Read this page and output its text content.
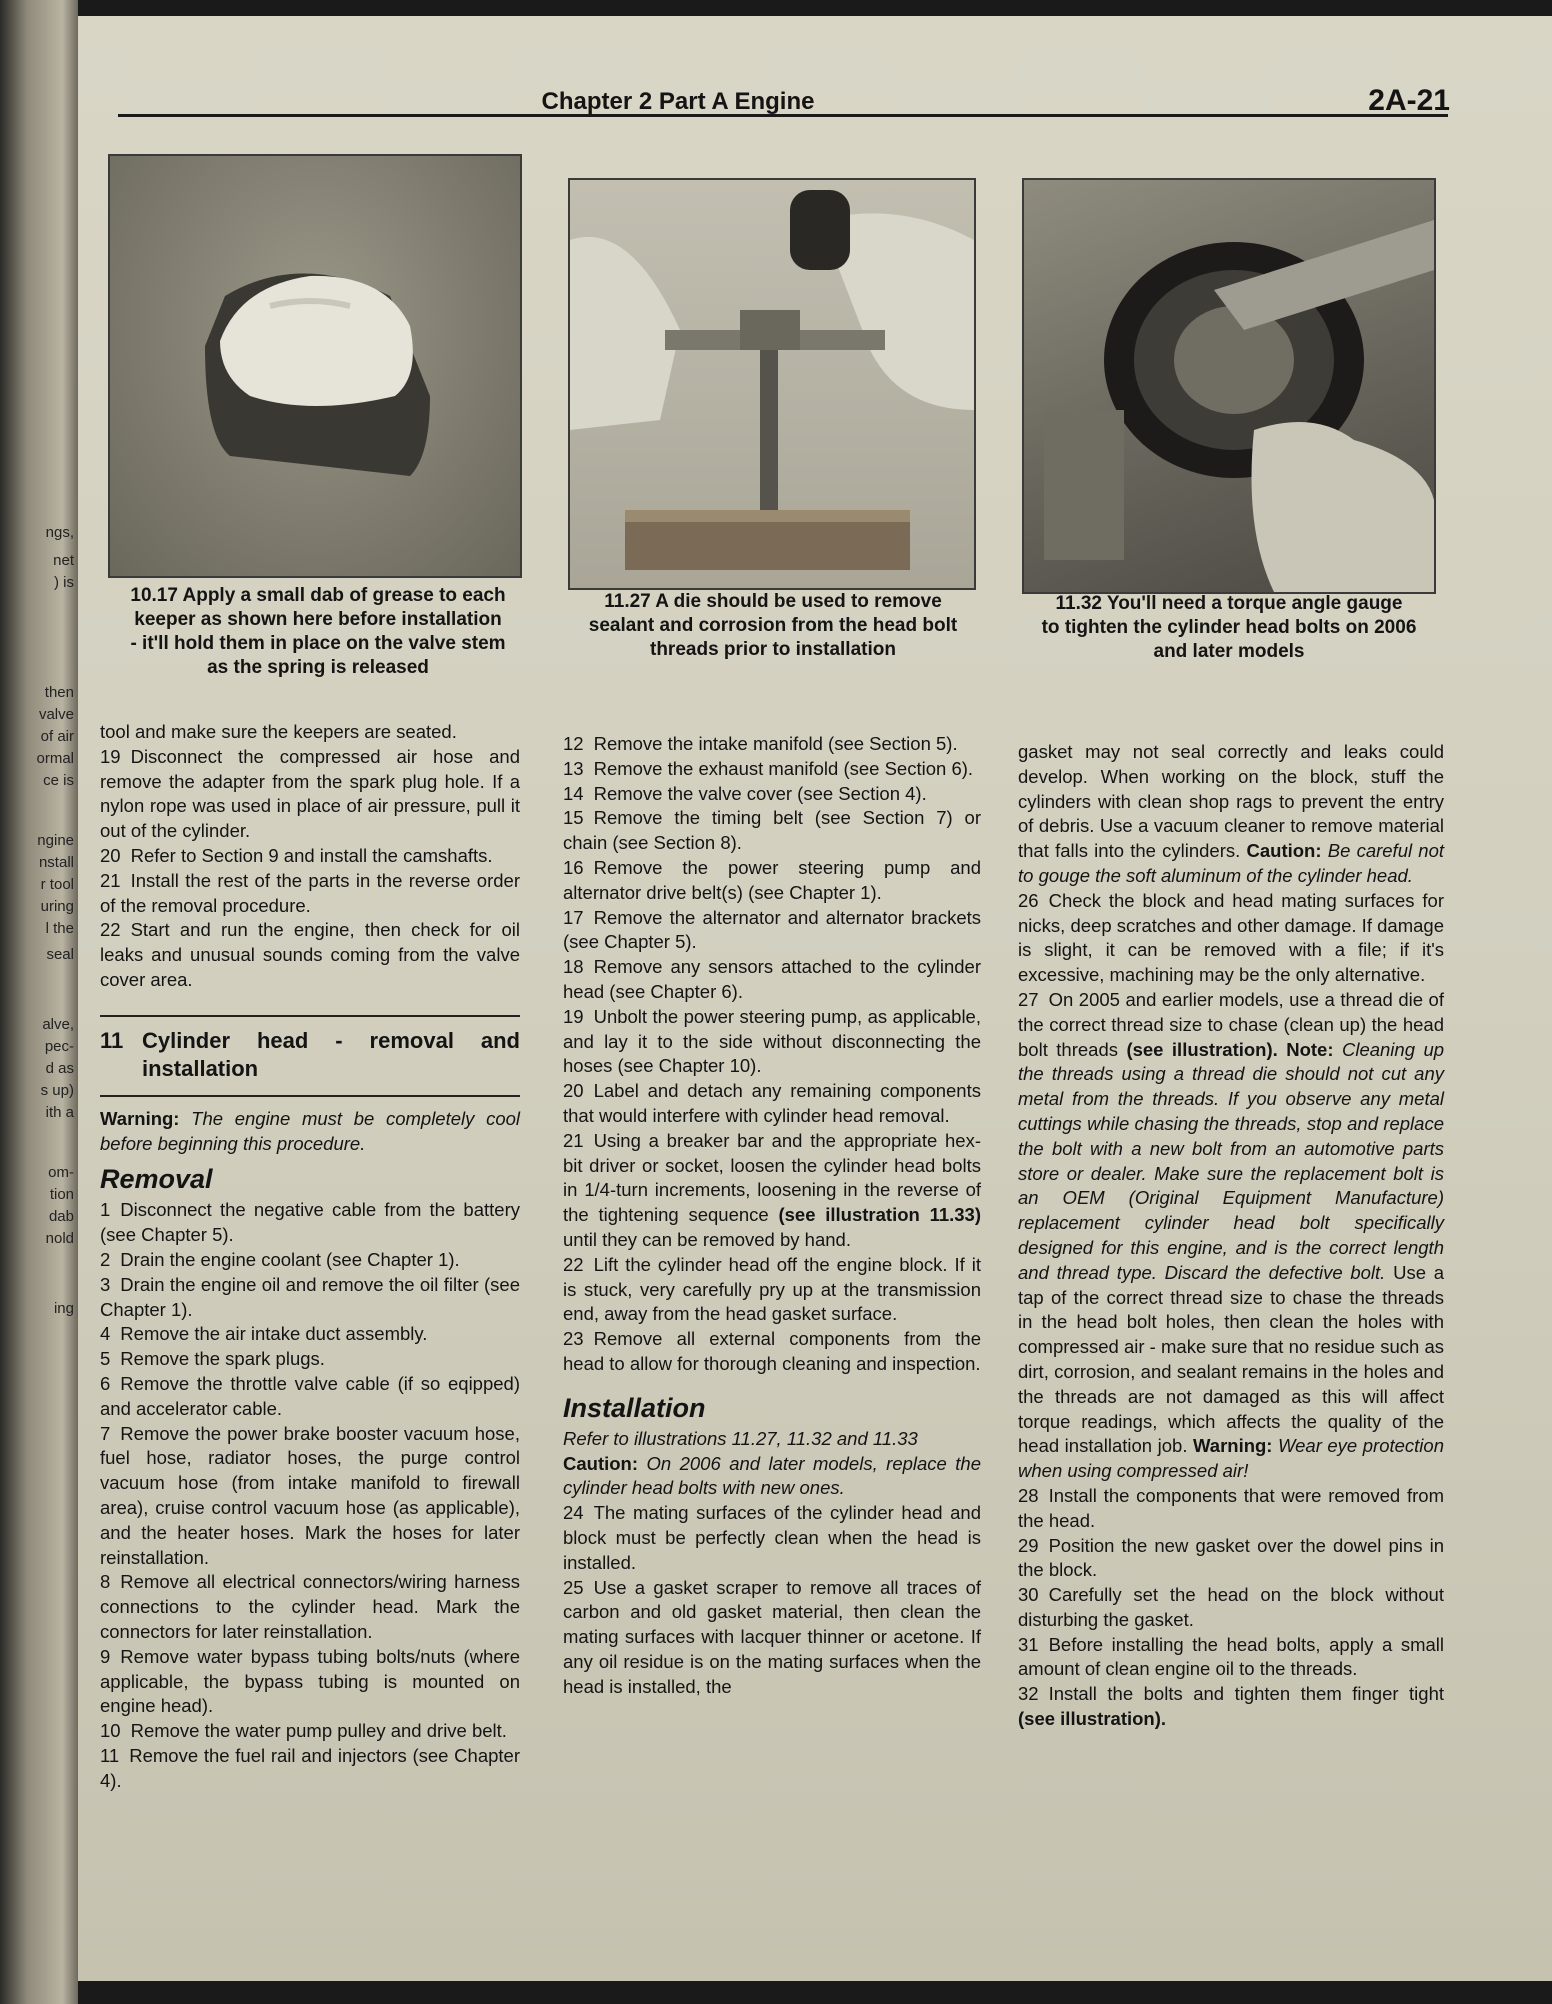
ngs,
net
) is
then
valve
of air
ormal
ce is
ngine
nstall
r tool
uring
l the
seal
alve,
pec-
d as
s up)
ith a
om-
tion
dab
nold
ing
Chapter 2 Part A Engine	2A-21
10.17 Apply a small dab of grease to each
keeper as shown here before installation
- it'll hold them in place on the valve stem
as the spring is released
11.27 A die should be used to remove
sealant and corrosion from the head bolt
threads prior to installation
11.32 You'll need a torque angle gauge
to tighten the cylinder head bolts on 2006
and later models

tool and make sure the keepers are seated.

19 Disconnect the compressed air hose and remove the adapter from the spark plug hole. If a nylon rope was used in place of air pressure, pull it out of the cylinder.

20 Refer to Section 9 and install the camshafts.

21 Install the rest of the parts in the reverse order of the removal procedure.

22 Start and run the engine, then check for oil leaks and unusual sounds coming from the valve cover area.

11 Cylinder head - removal and installation

Warning: The engine must be completely cool before beginning this procedure.

Removal

1 Disconnect the negative cable from the battery (see Chapter 5).

2 Drain the engine coolant (see Chapter 1).

3 Drain the engine oil and remove the oil filter (see Chapter 1).

4 Remove the air intake duct assembly.

5 Remove the spark plugs.

6 Remove the throttle valve cable (if so eqipped) and accelerator cable.

7 Remove the power brake booster vacuum hose, fuel hose, radiator hoses, the purge control vacuum hose (from intake manifold to firewall area), cruise control vacuum hose (as applicable), and the heater hoses. Mark the hoses for later reinstallation.

8 Remove all electrical connectors/wiring harness connections to the cylinder head. Mark the connectors for later reinstallation.

9 Remove water bypass tubing bolts/nuts (where applicable, the bypass tubing is mounted on engine head).

10 Remove the water pump pulley and drive belt.

11 Remove the fuel rail and injectors (see Chapter 4).

12 Remove the intake manifold (see Section 5).

13 Remove the exhaust manifold (see Section 6).

14 Remove the valve cover (see Section 4).

15 Remove the timing belt (see Section 7) or chain (see Section 8).

16 Remove the power steering pump and alternator drive belt(s) (see Chapter 1).

17 Remove the alternator and alternator brackets (see Chapter 5).

18 Remove any sensors attached to the cylinder head (see Chapter 6).

19 Unbolt the power steering pump, as applicable, and lay it to the side without disconnecting the hoses (see Chapter 10).

20 Label and detach any remaining components that would interfere with cylinder head removal.

21 Using a breaker bar and the appropriate hex-bit driver or socket, loosen the cylinder head bolts in 1/4-turn increments, loosening in the reverse of the tightening sequence (see illustration 11.33) until they can be removed by hand.

22 Lift the cylinder head off the engine block. If it is stuck, very carefully pry up at the transmission end, away from the head gasket surface.

23 Remove all external components from the head to allow for thorough cleaning and inspection.

Installation

Refer to illustrations 11.27, 11.32 and 11.33

Caution: On 2006 and later models, replace the cylinder head bolts with new ones.

24 The mating surfaces of the cylinder head and block must be perfectly clean when the head is installed.

25 Use a gasket scraper to remove all traces of carbon and old gasket material, then clean the mating surfaces with lacquer thinner or acetone. If any oil residue is on the mating surfaces when the head is installed, the

gasket may not seal correctly and leaks could develop. When working on the block, stuff the cylinders with clean shop rags to prevent the entry of debris. Use a vacuum cleaner to remove material that falls into the cylinders. Caution: Be careful not to gouge the soft aluminum of the cylinder head.

26 Check the block and head mating surfaces for nicks, deep scratches and other damage. If damage is slight, it can be removed with a file; if it's excessive, machining may be the only alternative.

27 On 2005 and earlier models, use a thread die of the correct thread size to chase (clean up) the head bolt threads (see illustration). Note: Cleaning up the threads using a thread die should not cut any metal from the threads. If you observe any metal cuttings while chasing the threads, stop and replace the bolt with a new bolt from an automotive parts store or dealer. Make sure the replacement bolt is an OEM (Original Equipment Manufacture) replacement cylinder head bolt specifically designed for this engine, and is the correct length and thread type. Discard the defective bolt. Use a tap of the correct thread size to chase the threads in the head bolt holes, then clean the holes with compressed air - make sure that no residue such as dirt, corrosion, and sealant remains in the holes and the threads are not damaged as this will affect torque readings, which affects the quality of the head installation job. Warning: Wear eye protection when using compressed air!

28 Install the components that were removed from the head.

29 Position the new gasket over the dowel pins in the block.

30 Carefully set the head on the block without disturbing the gasket.

31 Before installing the head bolts, apply a small amount of clean engine oil to the threads.

32 Install the bolts and tighten them finger tight (see illustration).
